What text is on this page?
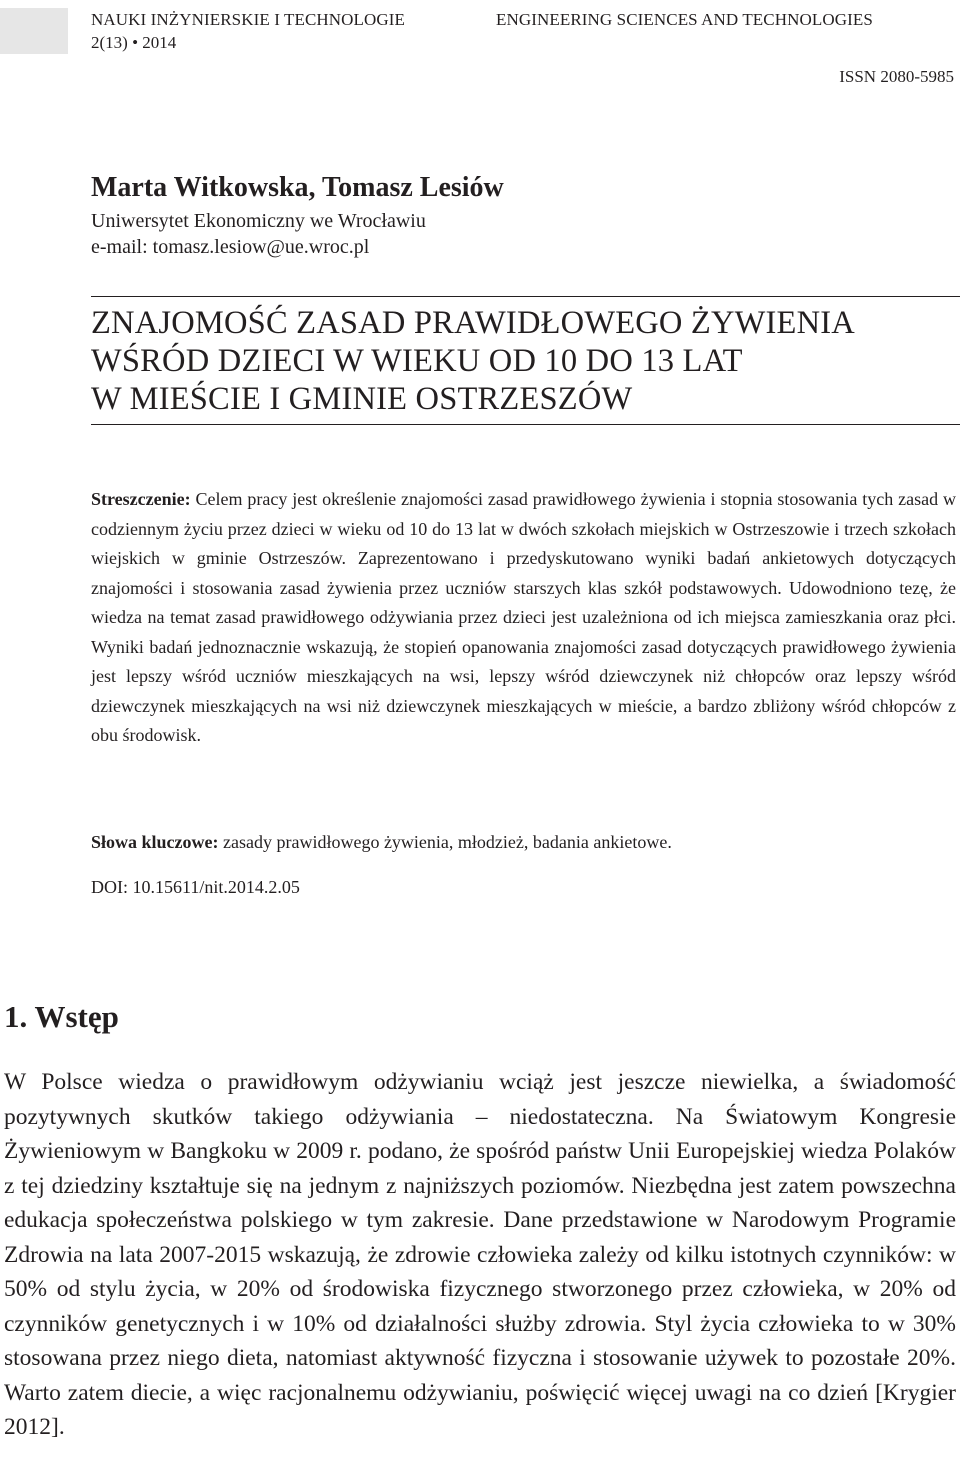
NAUKI INŻYNIERSKIE I TECHNOLOGIE	ENGINEERING SCIENCES AND TECHNOLOGIES
2(13) • 2014
ISSN 2080-5985
Marta Witkowska, Tomasz Lesiów
Uniwersytet Ekonomiczny we Wrocławiu
e-mail: tomasz.lesiow@ue.wroc.pl
ZNAJOMOŚĆ ZASAD PRAWIDŁOWEGO ŻYWIENIA
WŚRÓD DZIECI W WIEKU OD 10 DO 13 LAT
W MIEŚCIE I GMINIE OSTRZESZÓW

Streszczenie: Celem pracy jest określenie znajomości zasad prawidłowego żywienia i stopnia stosowania tych zasad w codziennym życiu przez dzieci w wieku od 10 do 13 lat w dwóch szkołach miejskich w Ostrzeszowie i trzech szkołach wiejskich w gminie Ostrzeszów. Zaprezentowano i przedyskutowano wyniki badań ankietowych dotyczących znajomości i stosowania zasad żywienia przez uczniów starszych klas szkół podstawowych. Udowodniono tezę, że wiedza na temat zasad prawidłowego odżywiania przez dzieci jest uzależniona od ich miejsca zamieszkania oraz płci. Wyniki badań jednoznacznie wskazują, że stopień opanowania znajomości zasad dotyczących prawidłowego żywienia jest lepszy wśród uczniów mieszkających na wsi, lepszy wśród dziewczynek niż chłopców oraz lepszy wśród dziewczynek mieszkających na wsi niż dziewczynek mieszkających w mieście, a bardzo zbliżony wśród chłopców z obu środowisk.

Słowa kluczowe: zasady prawidłowego żywienia, młodzież, badania ankietowe.

DOI: 10.15611/nit.2014.2.05
1. Wstęp

W Polsce wiedza o prawidłowym odżywianiu wciąż jest jeszcze niewielka, a świadomość pozytywnych skutków takiego odżywiania – niedostateczna. Na Światowym Kongresie Żywieniowym w Bangkoku w 2009 r. podano, że spośród państw Unii Europejskiej wiedza Polaków z tej dziedziny kształtuje się na jednym z najniższych poziomów. Niezbędna jest zatem powszechna edukacja społeczeństwa polskiego w tym zakresie. Dane przedstawione w Narodowym Programie Zdrowia na lata 2007-2015 wskazują, że zdrowie człowieka zależy od kilku istotnych czynników: w 50% od stylu życia, w 20% od środowiska fizycznego stworzonego przez człowieka, w 20% od czynników genetycznych i w 10% od działalności służby zdrowia. Styl życia człowieka to w 30% stosowana przez niego dieta, natomiast aktywność fizyczna i stosowanie używek to pozostałe 20%. Warto zatem diecie, a więc racjonalnemu odżywianiu, poświęcić więcej uwagi na co dzień [Krygier 2012].
